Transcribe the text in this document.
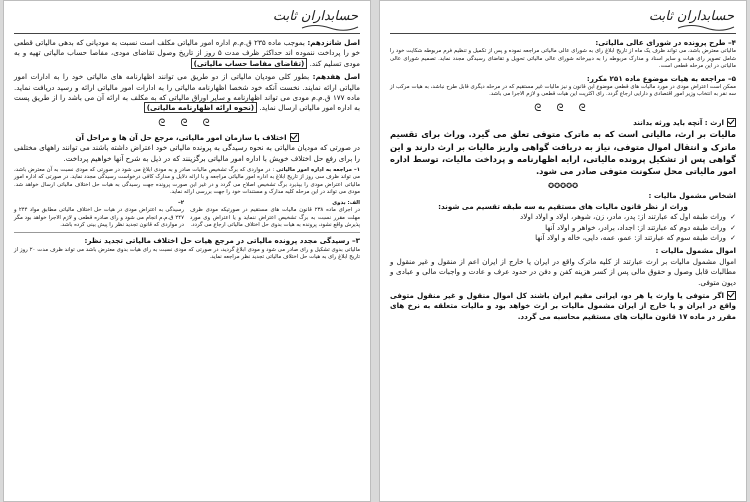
حسابداران ثابت

اصل شانزدهم: بموجب ماده ۲۳۵ ق.م.م اداره امور مالیاتی مکلف است نسبت به مودیانی که بدهی مالیاتی قطعی خو را پرداخت ننموده اند حداکثر ظرف مدت ۵ روز از تاریخ وصول تقاضای مودی، مفاصا حساب مالیاتی تهیه و به مودی تسلیم کند. (تقاضای مفاصا حساب مالیاتی)

اصل هفدهم: بطور کلی مودیان مالیاتی از دو طریق می توانند اظهارنامه های مالیاتی خود را به ادارات امور مالیاتی ارائه نمایند. نخست آنکه خود شخصا اظهارنامه مالیاتی را به ادارات امور مالیاتی ارائه و رسید دریافت نماید. ماده ۱۷۷ ق.م.م مودی می تواند اظهارنامه و سایر اوراق مالیاتی که به مکلف به ارائه آن می باشد را از طریق پست به اداره امور مالیاتی ارسال نماید. (نحوه ارائه اظهارنامه مالیاتی)

ᘓ ᘓ ᘓ
اختلاف با سازمان امور مالیاتی، مرجع حل آن ها و مراحل آن

در صورتی که مودیان مالیاتی به نحوه رسیدگی به پرونده مالیاتی خود اعتراض داشته باشند می توانند راههای مختلفی را برای رفع حل اختلاف خویش با اداره امور مالیاتی برگزینند که در ذیل به شرح آنها خواهیم پرداخت.

۱– مراجعه به اداره امور مالیاتی : در مواردی که برگ تشخیص مالیات صادر و به مودی ابلاغ می شود در صورتی که مودی نسبت به آن معترض باشد، می تواند ظرف سی روز از تاریخ ابلاغ به اداره امور مالیاتی مراجعه و با ارائه دلایل و مدارک کافی درخواست رسیدگی مجدد نماید. در صورتی که اداره امور مالیاتی اعتراض مودی را بپذیرد برگ تشخیص اصلاح می گردد و در غیر این صورت پرونده جهت رسیدگی به هیات حل اختلاف مالیاتی ارسال خواهد شد. مودی می تواند در این مرحله کلیه مدارک و مستندات خود را جهت بررسی ارائه نماید.

الف: بدوی
در اجرای ماده ۲۳۸ قانون مالیات های مستقیم در صورتیکه مودی ظرف مهلت مقرر نسبت به برگ تشخیص اعتراض ننماید و یا اعتراض وی مورد پذیرش واقع نشود، پرونده به هیات بدوی حل اختلاف مالیاتی ارجاع می گردد.
۲–
رسیدگی به اعتراض مودی در هیات حل اختلاف مالیاتی مطابق مواد ۲۴۴ و ۲۴۷ ق.م.م انجام می شود و رای صادره قطعی و لازم الاجرا خواهد بود مگر در مواردی که قانون تجدید نظر را پیش بینی کرده باشد.
۳– رسیدگی مجدد پرونده مالیاتی در مرجع هیات حل اختلاف مالیاتی تجدید نظر:

مالیاتی بدوی تشکیل و رای صادر می شود و مودی ابلاغ گردید، در صورتی که مودی نسبت به رای هیات بدوی معترض باشد می تواند ظرف مدت ۲۰ روز از تاریخ ابلاغ رای به هیات حل اختلاف مالیاتی تجدید نظر مراجعه نماید.

حسابداران ثابت
۴– طرح پرونده در شورای عالی مالیاتی:

مالیاتی معترض باشد، می تواند ظرف یک ماه از تاریخ ابلاغ رای به شورای عالی مالیاتی مراجعه نموده و پس از تکمیل و تنظیم فرم مربوطه شکایت خود را شامل تصویر رای هیات و سایر اسناد و مدارک مربوطه را به دبیرخانه شورای عالی مالیاتی تحویل و تقاضای رسیدگی مجدد نماید. تصمیم شورای عالی مالیاتی در این مرحله قطعی است.

۵– مراجعه به هیات موضوع ماده ۲۵۱ مکرر:

ممکن است اعتراض مودی در مورد مالیات های قطعی موضوع این قانون و نیز مالیات غیر مستقیم که در مرحله دیگری قابل طرح نباشد، به هیات مرکب از سه نفر به انتخاب وزیر امور اقتصادی و دارایی ارجاع گردد. رای اکثریت این هیات قطعی و لازم الاجرا می باشد.

ᘓ ᘓ ᘓ
ارث : آنچه باید ورثه بدانند

مالیات بر ارث، مالیاتی است که به ماترک متوفی تعلق می گیرد. وراث برای تقسیم ماترک و انتقال اموال متوفی، نیاز به دریافت گواهی واریز مالیات بر ارث دارند و این گواهی پس از تشکیل پرونده مالیاتی، ارایه اظهارنامه و پرداخت مالیات، توسط اداره امور مالیاتی محل سکونت متوفی صادر می شود.

✪✪✪✪✪
اشخاص مشمول مالیات :
وراث از نظر قانون مالیات های مستقیم به سه طبقه تقسیم می شوند:
✓ وراث طبقه اول که عبارتند از: پدر، مادر، زن، شوهر، اولاد و اولاد اولاد
✓ وراث طبقه دوم که عبارتند از: اجداد، برادر، خواهر و اولاد آنها
✓ وراث طبقه سوم که عبارتند از: عمو، عمه، دایی، خاله و اولاد آنها
اموال مشمول مالیات :

اموال مشمول مالیات بر ارث عبارتند از کلیه ماترک واقع در ایران یا خارج از ایران اعم از منقول و غیر منقول و مطالبات قابل وصول و حقوق مالی پس از کسر هزینه کفن و دفن در حدود عرف و عادت و واجبات مالی و عبادی و دیون متوفی.

اگر متوفی یا وارث یا هر دو، ایرانی مقیم ایران باشند کل اموال منقول و غیر منقول متوفی واقع در ایران و یا خارج از ایران مشمول مالیات بر ارث خواهد بود و مالیات متعلقه به نرخ های مقرر در ماده ۱۷ قانون مالیات های مستقیم محاسبه می گردد.
